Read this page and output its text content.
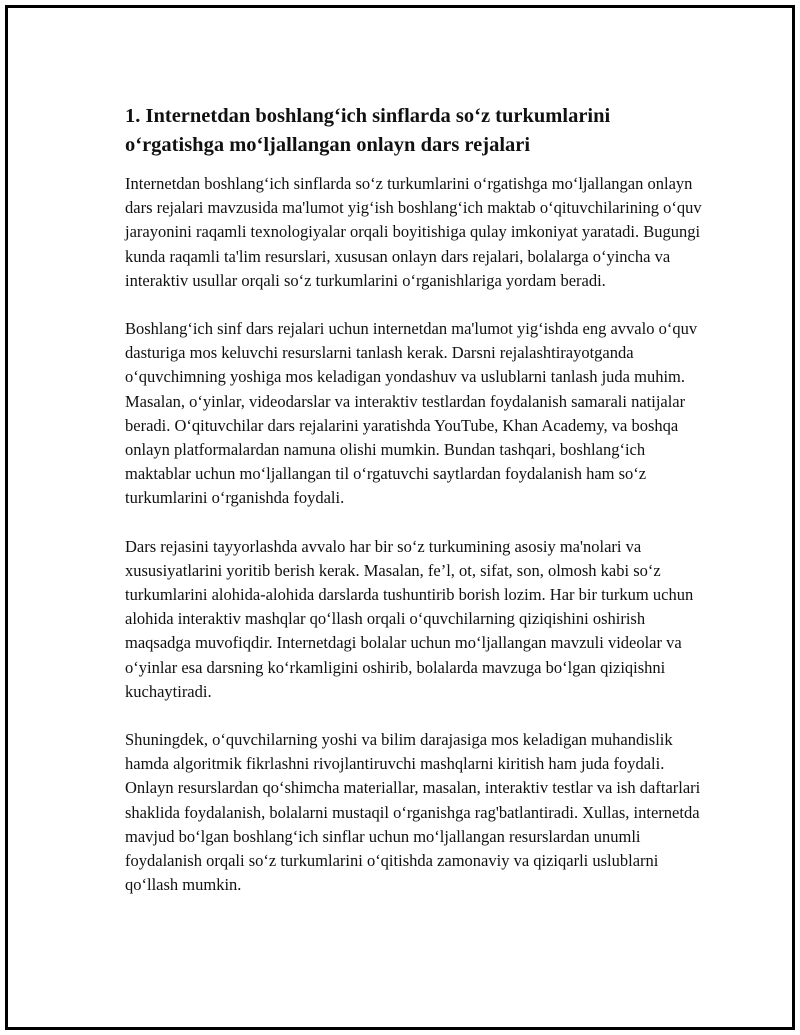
1. Internetdan boshlang‘ich sinflarda so‘z turkumlarini o‘rgatishga mo‘ljallangan onlayn dars rejalari

Internetdan boshlang‘ich sinflarda so‘z turkumlarini o‘rgatishga mo‘ljallangan onlayn dars rejalari mavzusida ma'lumot yig‘ish boshlang‘ich maktab o‘qituvchilarining o‘quv jarayonini raqamli texnologiyalar orqali boyitishiga qulay imkoniyat yaratadi. Bugungi kunda raqamli ta'lim resurslari, xususan onlayn dars rejalari, bolalarga o‘yincha va interaktiv usullar orqali so‘z turkumlarini o‘rganishlariga yordam beradi.

Boshlang‘ich sinf dars rejalari uchun internetdan ma'lumot yig‘ishda eng avvalo o‘quv dasturiga mos keluvchi resurslarni tanlash kerak. Darsni rejalashtirayotganda o‘quvchimning yoshiga mos keladigan yondashuv va uslublarni tanlash juda muhim. Masalan, o‘yinlar, videodarslar va interaktiv testlardan foydalanish samarali natijalar beradi. O‘qituvchilar dars rejalarini yaratishda YouTube, Khan Academy, va boshqa onlayn platformalardan namuna olishi mumkin. Bundan tashqari, boshlang‘ich maktablar uchun mo‘ljallangan til o‘rgatuvchi saytlardan foydalanish ham so‘z turkumlarini o‘rganishda foydali.

Dars rejasini tayyorlashda avvalo har bir so‘z turkumining asosiy ma'nolari va xususiyatlarini yoritib berish kerak. Masalan, fe’l, ot, sifat, son, olmosh kabi so‘z turkumlarini alohida-alohida darslarda tushuntirib borish lozim. Har bir turkum uchun alohida interaktiv mashqlar qo‘llash orqali o‘quvchilarning qiziqishini oshirish maqsadga muvofiqdir. Internetdagi bolalar uchun mo‘ljallangan mavzuli videolar va o‘yinlar esa darsning ko‘rkamligini oshirib, bolalarda mavzuga bo‘lgan qiziqishni kuchaytiradi.

Shuningdek, o‘quvchilarning yoshi va bilim darajasiga mos keladigan muhandislik hamda algoritmik fikrlashni rivojlantiruvchi mashqlarni kiritish ham juda foydali. Onlayn resurslardan qo‘shimcha materiallar, masalan, interaktiv testlar va ish daftarlari shaklida foydalanish, bolalarni mustaqil o‘rganishga rag'batlantiradi. Xullas, internetda mavjud bo‘lgan boshlang‘ich sinflar uchun mo‘ljallangan resurslardan unumli foydalanish orqali so‘z turkumlarini o‘qitishda zamonaviy va qiziqarli uslublarni qo‘llash mumkin.
